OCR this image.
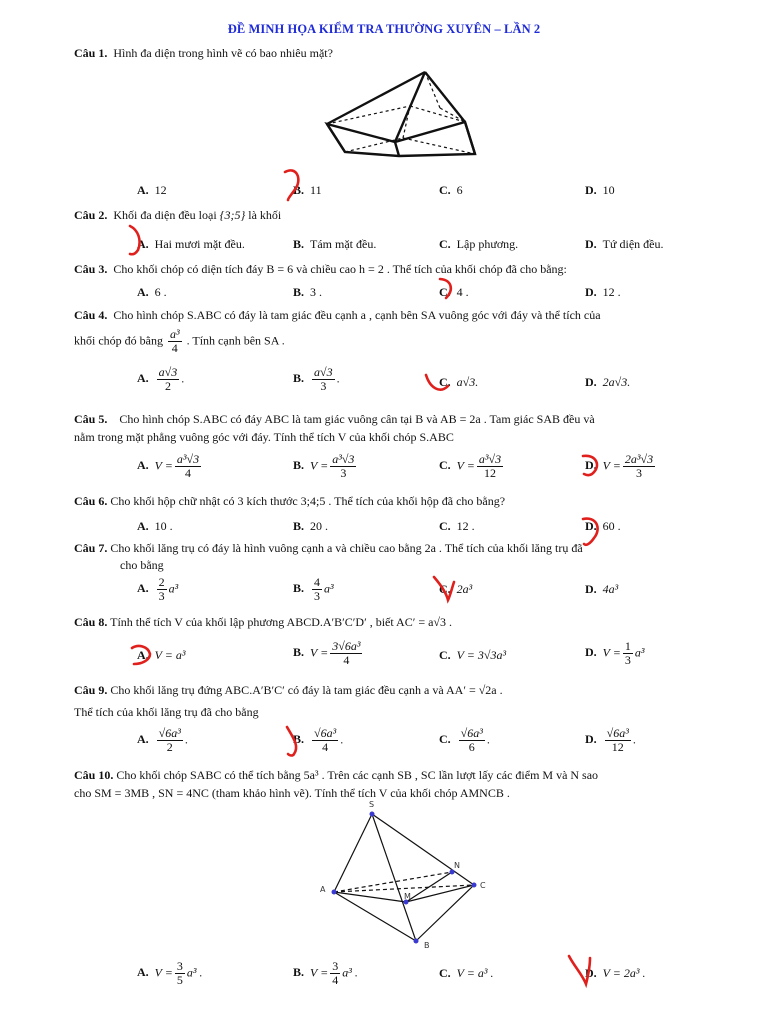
ĐỀ MINH HỌA KIỂM TRA THƯỜNG XUYÊN – LẦN 2
Câu 1. Hình đa diện trong hình vẽ có bao nhiêu mặt?
A. 12	B. 11	C. 6	D. 10
Câu 2. Khối đa diện đều loại {3;5} là khối
A. Hai mươi mặt đều.	B. Tám mặt đều.	C. Lập phương.	D. Tứ diện đều.
Câu 3. Cho khối chóp có diện tích đáy B = 6 và chiều cao h = 2 . Thể tích của khối chóp đã cho bằng:
A. 6 .	B. 3 .	C. 4 .	D. 12 .
Câu 4. Cho hình chóp S.ABC có đáy là tam giác đều cạnh a , cạnh bên SA vuông góc với đáy và thể tích của
khối chóp đó bằng $\frac{\text{a³}}{4}$ . Tính cạnh bên SA .
A. $\frac{a√3}{2}$ .	B. $\frac{a√3}{3}$ .	C. a√3.	D. 2a√3.
Câu 5. Cho hình chóp S.ABC có đáy ABC là tam giác vuông cân tại B và AB = 2a . Tam giác SAB đều và
nằm trong mặt phẳng vuông góc với đáy. Tính thể tích V của khối chóp S.ABC
A. $V = \frac{\text{a³√3}}{4}$	B. $V = \frac{\text{a³√3}}{3}$	C. $V = \frac{\text{a³√3}}{12}$	D. $V = \frac{\text{2a³√3}}{3}$
Câu 6. Cho khối hộp chữ nhật có 3 kích thước 3;4;5 . Thể tích của khối hộp đã cho bằng?
A. 10 .	B. 20 .	C. 12 .	D. 60 .
Câu 7. Cho khối lăng trụ có đáy là hình vuông cạnh a và chiều cao bằng 2a . Thể tích của khối lăng trụ đã
cho bằng
A. $\frac{2}{3} a^3$	B. $\frac{4}{3} a^3$	C. 2a³	D. 4a³
Câu 8. Tính thể tích V của khối lập phương ABCD.A′B′C′D′ , biết AC′ = a√3 .
A. V = a³	B. $V = \frac{\text{3√6a³}}{4}$	C. V = 3√3a³	D. $V = \frac{1}{3} a^3$
Câu 9. Cho khối lăng trụ đứng ABC.A′B′C′ có đáy là tam giác đều cạnh a và AA′ = √2a .
Thể tích của khối lăng trụ đã cho bằng
A. $\frac{\text{√6a³}}{2}$ .	B. $\frac{\text{√6a³}}{4}$ .	C. $\frac{\text{√6a³}}{6}$ .	D. $\frac{\text{√6a³}}{12}$ .
Câu 10. Cho khối chóp SABC có thể tích bằng 5a³ . Trên các cạnh SB , SC lần lượt lấy các điểm M và N sao
cho SM = 3MB , SN = 4NC (tham khảo hình vẽ). Tính thể tích V của khối chóp AMNCB .
S
A
B
C
M
N
A. $V = \frac{3}{5} a^3$ .	B. $V = \frac{3}{4} a^3$ .	C. V = a³ .	D. V = 2a³ .
